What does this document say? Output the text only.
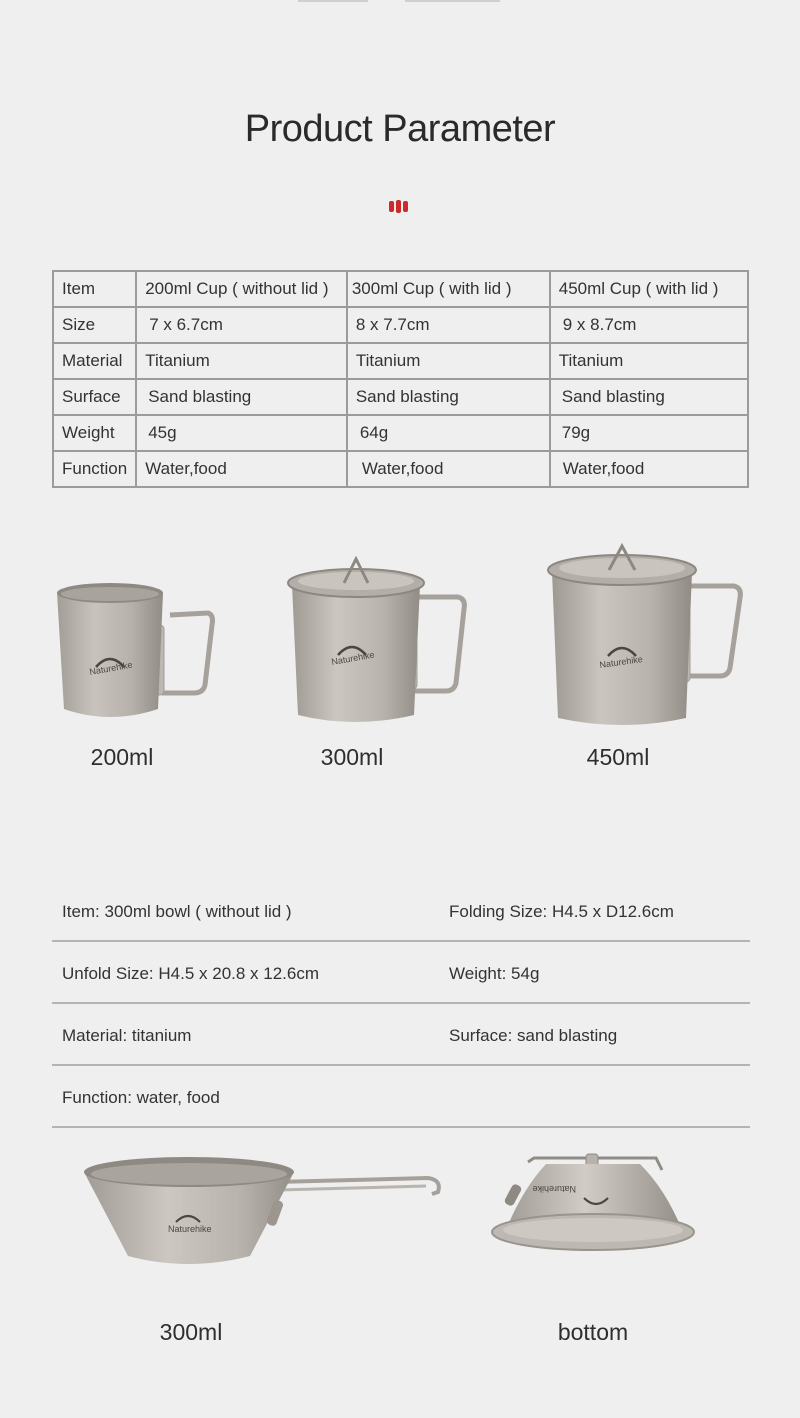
Product Parameter
Item	200ml Cup ( without lid )	300ml Cup ( with lid )	450ml Cup ( with lid )
Size	7 x 6.7cm	8 x 7.7cm	9 x 8.7cm
Material	Titanium	Titanium	Titanium
Surface	Sand blasting	Sand blasting	Sand blasting
Weight	45g	64g	79g
Function	Water,food	Water,food	Water,food
Naturehike
Naturehike	Naturehike
200ml	300ml	450ml
Item: 300ml bowl ( without lid )	Folding Size: H4.5 x D12.6cm
Unfold Size: H4.5 x 20.8 x 12.6cm	Weight: 54g
Material: titanium	Surface: sand blasting
Function: water, food
Naturehike
Naturehike
300ml	bottom
